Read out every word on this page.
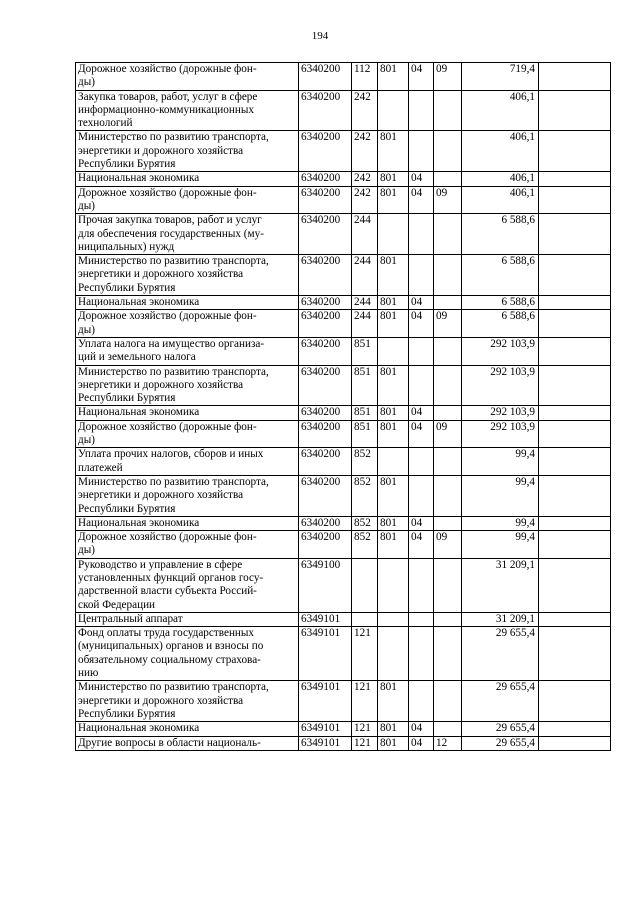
194
Дорожное хозяйство (дорожные фон-
ды)	6340200	112	801	04	09	719,4	
Закупка товаров, работ, услуг в сфере
информационно-коммуникационных
технологий	6340200	242				406,1	
Министерство по развитию транспорта,
энергетики и дорожного хозяйства
Республики Бурятия	6340200	242	801			406,1	
Национальная экономика	6340200	242	801	04		406,1	
Дорожное хозяйство (дорожные фон-
ды)	6340200	242	801	04	09	406,1	
Прочая закупка товаров, работ и услуг
для обеспечения государственных (му-
ниципальных) нужд	6340200	244				6 588,6	
Министерство по развитию транспорта,
энергетики и дорожного хозяйства
Республики Бурятия	6340200	244	801			6 588,6	
Национальная экономика	6340200	244	801	04		6 588,6	
Дорожное хозяйство (дорожные фон-
ды)	6340200	244	801	04	09	6 588,6	
Уплата налога на имущество организа-
ций и земельного налога	6340200	851				292 103,9	
Министерство по развитию транспорта,
энергетики и дорожного хозяйства
Республики Бурятия	6340200	851	801			292 103,9	
Национальная экономика	6340200	851	801	04		292 103,9	
Дорожное хозяйство (дорожные фон-
ды)	6340200	851	801	04	09	292 103,9	
Уплата прочих налогов, сборов и иных
платежей	6340200	852				99,4	
Министерство по развитию транспорта,
энергетики и дорожного хозяйства
Республики Бурятия	6340200	852	801			99,4	
Национальная экономика	6340200	852	801	04		99,4	
Дорожное хозяйство (дорожные фон-
ды)	6340200	852	801	04	09	99,4	
Руководство и управление в сфере
установленных функций органов госу-
дарственной власти субъекта Россий-
ской Федерации	6349100					31 209,1	
Центральный аппарат	6349101					31 209,1	
Фонд оплаты труда государственных
(муниципальных) органов и взносы по
обязательному социальному страхова-
нию	6349101	121				29 655,4	
Министерство по развитию транспорта,
энергетики и дорожного хозяйства
Республики Бурятия	6349101	121	801			29 655,4	
Национальная экономика	6349101	121	801	04		29 655,4	
Другие вопросы в области националь-	6349101	121	801	04	12	29 655,4	
